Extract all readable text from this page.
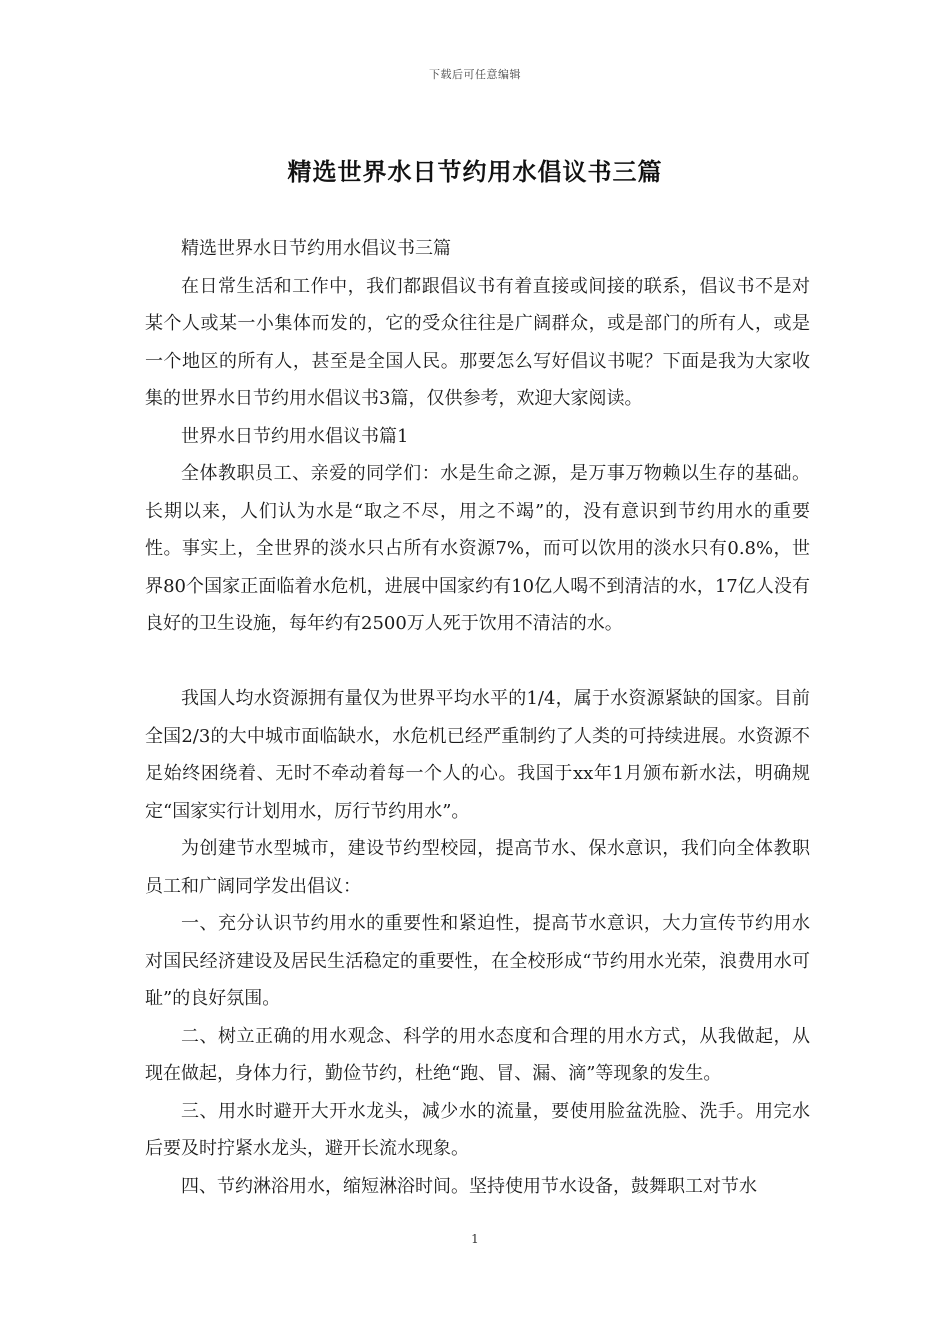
下载后可任意编辑
精选世界水日节约用水倡议书三篇

精选世界水日节约用水倡议书三篇

在日常生活和工作中，我们都跟倡议书有着直接或间接的联系，倡议书不是对某个人或某一小集体而发的，它的受众往往是广阔群众，或是部门的所有人，或是一个地区的所有人，甚至是全国人民。那要怎么写好倡议书呢？下面是我为大家收集的世界水日节约用水倡议书3篇，仅供参考，欢迎大家阅读。

世界水日节约用水倡议书篇1

全体教职员工、亲爱的同学们：水是生命之源，是万事万物赖以生存的基础。长期以来，人们认为水是“取之不尽，用之不竭”的，没有意识到节约用水的重要性。事实上，全世界的淡水只占所有水资源7%，而可以饮用的淡水只有0.8%，世界80个国家正面临着水危机，进展中国家约有10亿人喝不到清洁的水，17亿人没有良好的卫生设施，每年约有2500万人死于饮用不清洁的水。

我国人均水资源拥有量仅为世界平均水平的1/4，属于水资源紧缺的国家。目前全国2/3的大中城市面临缺水，水危机已经严重制约了人类的可持续进展。水资源不足始终困绕着、无时不牵动着每一个人的心。我国于xx年1月颁布新水法，明确规定“国家实行计划用水，厉行节约用水”。

为创建节水型城市，建设节约型校园，提高节水、保水意识，我们向全体教职员工和广阔同学发出倡议：

一、充分认识节约用水的重要性和紧迫性，提高节水意识，大力宣传节约用水对国民经济建设及居民生活稳定的重要性，在全校形成“节约用水光荣，浪费用水可耻”的良好氛围。

二、树立正确的用水观念、科学的用水态度和合理的用水方式，从我做起，从现在做起，身体力行，勤俭节约，杜绝“跑、冒、漏、滴”等现象的发生。

三、用水时避开大开水龙头，减少水的流量，要使用脸盆洗脸、洗手。用完水后要及时拧紧水龙头，避开长流水现象。

四、节约淋浴用水，缩短淋浴时间。坚持使用节水设备，鼓舞职工对节水

1
